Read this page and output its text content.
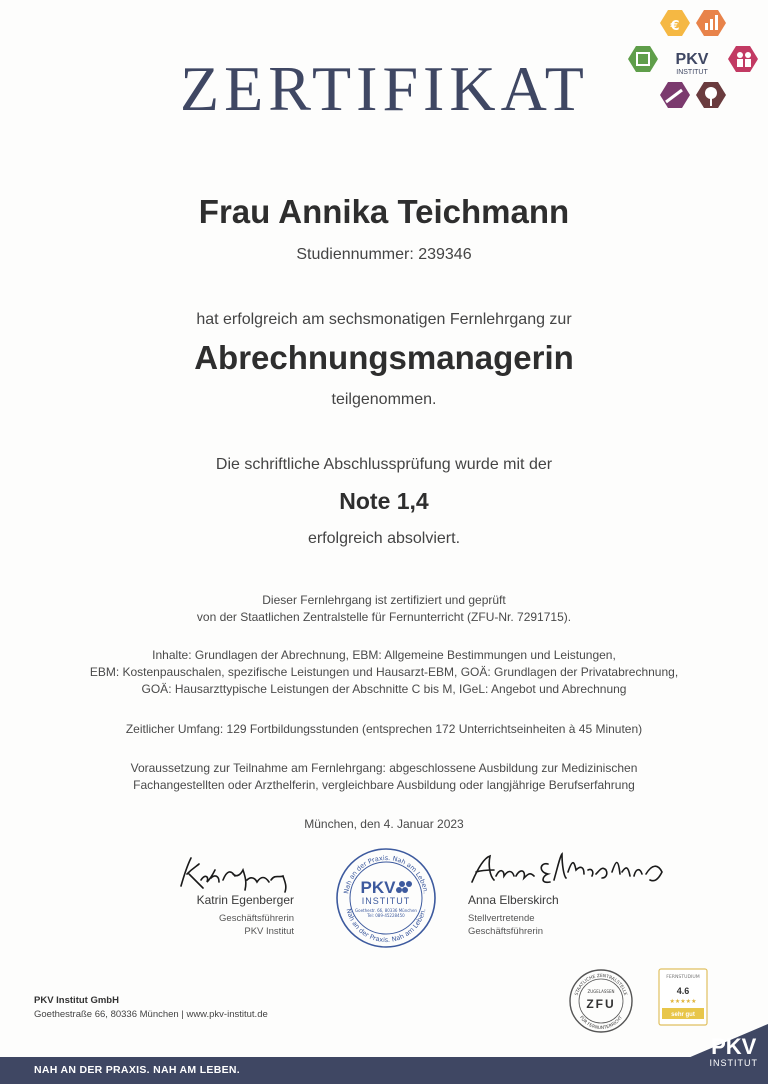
ZERTIFIKAT
€
PKV
INSTITUT
Frau Annika Teichmann
Studiennummer: 239346
hat erfolgreich am sechsmonatigen Fernlehrgang zur
Abrechnungsmanagerin
teilgenommen.
Die schriftliche Abschlussprüfung wurde mit der
Note 1,4
erfolgreich absolviert.
Dieser Fernlehrgang ist zertifiziert und geprüft
von der Staatlichen Zentralstelle für Fernunterricht (ZFU-Nr. 7291715).
Inhalte: Grundlagen der Abrechnung, EBM: Allgemeine Bestimmungen und Leistungen,
EBM: Kostenpauschalen, spezifische Leistungen und Hausarzt-EBM, GOÄ: Grundlagen der Privatabrechnung,
GOÄ: Hausarzttypische Leistungen der Abschnitte C bis M, IGeL: Angebot und Abrechnung
Zeitlicher Umfang: 129 Fortbildungsstunden (entsprechen 172 Unterrichtseinheiten à 45 Minuten)
Voraussetzung zur Teilnahme am Fernlehrgang: abgeschlossene Ausbildung zur Medizinischen
Fachangestellten oder Arzthelferin, vergleichbare Ausbildung oder langjährige Berufserfahrung
München, den 4. Januar 2023
Katrin Egenberger
Geschäftsführerin
PKV Institut
Anna Elberskirch
Stellvertretende
Geschäftsführerin
Nah an der Praxis. Nah am Leben.
Nah an der Praxis. Nah am Leben.
PKV
INSTITUT
Goethestr. 66, 80336 München
Tel: 089-45228450
STAATLICHE ZENTRALSTELLE
FÜR FERNUNTERRICHT
ZUGELASSEN
ZFU
FERNSTUDIUM
4.6
★★★★★
sehr gut
PKV Institut GmbH
Goethestraße 66, 80336 München | www.pkv-institut.de
NAH AN DER PRAXIS. NAH AM LEBEN.
PKV
INSTITUT
